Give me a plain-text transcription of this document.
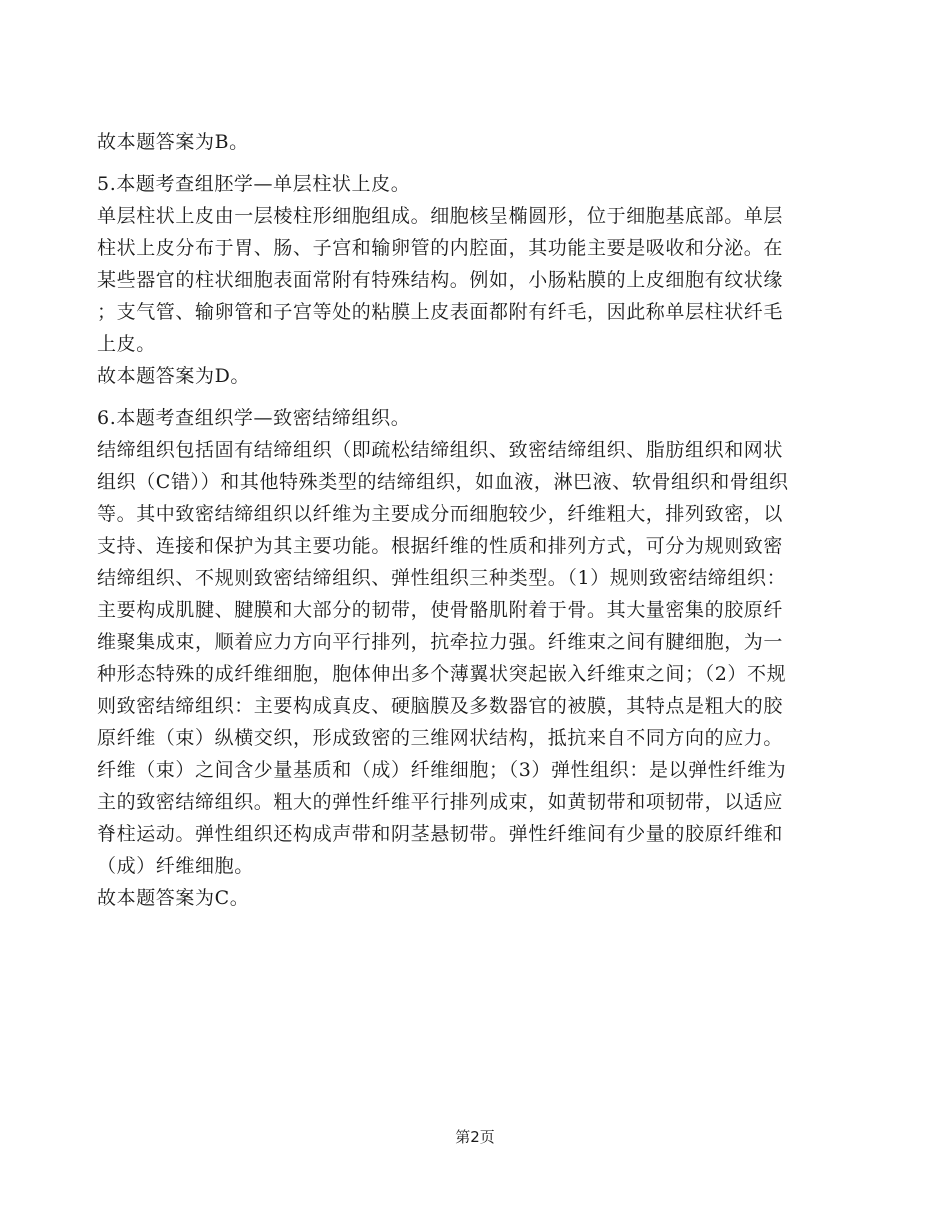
故本题答案为B。
5.本题考查组胚学—单层柱状上皮。
单层柱状上皮由一层棱柱形细胞组成。细胞核呈椭圆形，位于细胞基底部。单层
柱状上皮分布于胃、肠、子宫和输卵管的内腔面，其功能主要是吸收和分泌。在
某些器官的柱状细胞表面常附有特殊结构。例如，小肠粘膜的上皮细胞有纹状缘
；支气管、输卵管和子宫等处的粘膜上皮表面都附有纤毛，因此称单层柱状纤毛
上皮。
故本题答案为D。
6.本题考查组织学—致密结缔组织。
结缔组织包括固有结缔组织（即疏松结缔组织、致密结缔组织、脂肪组织和网状
组织（C错））和其他特殊类型的结缔组织，如血液，淋巴液、软骨组织和骨组织
等。其中致密结缔组织以纤维为主要成分而细胞较少，纤维粗大，排列致密，以
支持、连接和保护为其主要功能。根据纤维的性质和排列方式，可分为规则致密
结缔组织、不规则致密结缔组织、弹性组织三种类型。（1）规则致密结缔组织：
主要构成肌腱、腱膜和大部分的韧带，使骨骼肌附着于骨。其大量密集的胶原纤
维聚集成束，顺着应力方向平行排列，抗牵拉力强。纤维束之间有腱细胞，为一
种形态特殊的成纤维细胞，胞体伸出多个薄翼状突起嵌入纤维束之间；（2）不规
则致密结缔组织：主要构成真皮、硬脑膜及多数器官的被膜，其特点是粗大的胶
原纤维（束）纵横交织，形成致密的三维网状结构，抵抗来自不同方向的应力。
纤维（束）之间含少量基质和（成）纤维细胞；（3）弹性组织：是以弹性纤维为
主的致密结缔组织。粗大的弹性纤维平行排列成束，如黄韧带和项韧带，以适应
脊柱运动。弹性组织还构成声带和阴茎悬韧带。弹性纤维间有少量的胶原纤维和
（成）纤维细胞。
故本题答案为C。
第2页
